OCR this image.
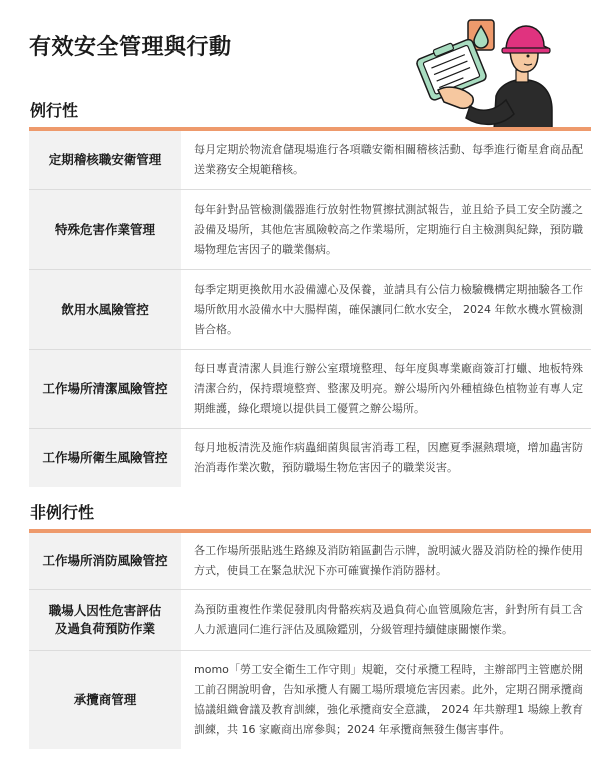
有效安全管理與行動
例行性
定期稽核職安衛管理
每月定期於物流倉儲現場進行各項職安衛相關稽核活動、每季進行衛星倉商品配送業務安全規範稽核。
特殊危害作業管理
每年針對品管檢測儀器進行放射性物質擦拭測試報告，並且給予員工安全防護之設備及場所，其他危害風險較高之作業場所，定期施行自主檢測與紀錄，預防職場物理危害因子的職業傷病。
飲用水風險管控
每季定期更換飲用水設備濾心及保養，並請具有公信力檢驗機構定期抽驗各工作場所飲用水設備水中大腸桿菌，確保讓同仁飲水安全， 2024 年飲水機水質檢測皆合格。
工作場所清潔風險管控
每日專責清潔人員進行辦公室環境整理、每年度與專業廠商簽訂打蠟、地板特殊清潔合約，保持環境整齊、整潔及明亮。辦公場所內外種植綠色植物並有專人定期維護，綠化環境以提供員工優質之辦公場所。
工作場所衛生風險管控
每月地板清洗及施作病蟲細菌與鼠害消毒工程，因應夏季濕熱環境，增加蟲害防治消毒作業次數，預防職場生物危害因子的職業災害。
非例行性
工作場所消防風險管控
各工作場所張貼逃生路線及消防箱區劃告示牌，說明滅火器及消防栓的操作使用方式，使員工在緊急狀況下亦可確實操作消防器材。
職場人因性危害評估
及過負荷預防作業
為預防重複性作業促發肌肉骨骼疾病及過負荷心血管風險危害，針對所有員工含人力派遣同仁進行評估及風險鑑別，分級管理持續健康關懷作業。
承攬商管理
momo「勞工安全衛生工作守則」規範，交付承攬工程時，主辦部門主管應於開工前召開說明會，告知承攬人有關工場所環境危害因素。此外，定期召開承攬商協議組織會議及教育訓練，強化承攬商安全意識， 2024 年共辦理1 場線上教育訓練，共 16 家廠商出席參與；2024 年承攬商無發生傷害事件。
